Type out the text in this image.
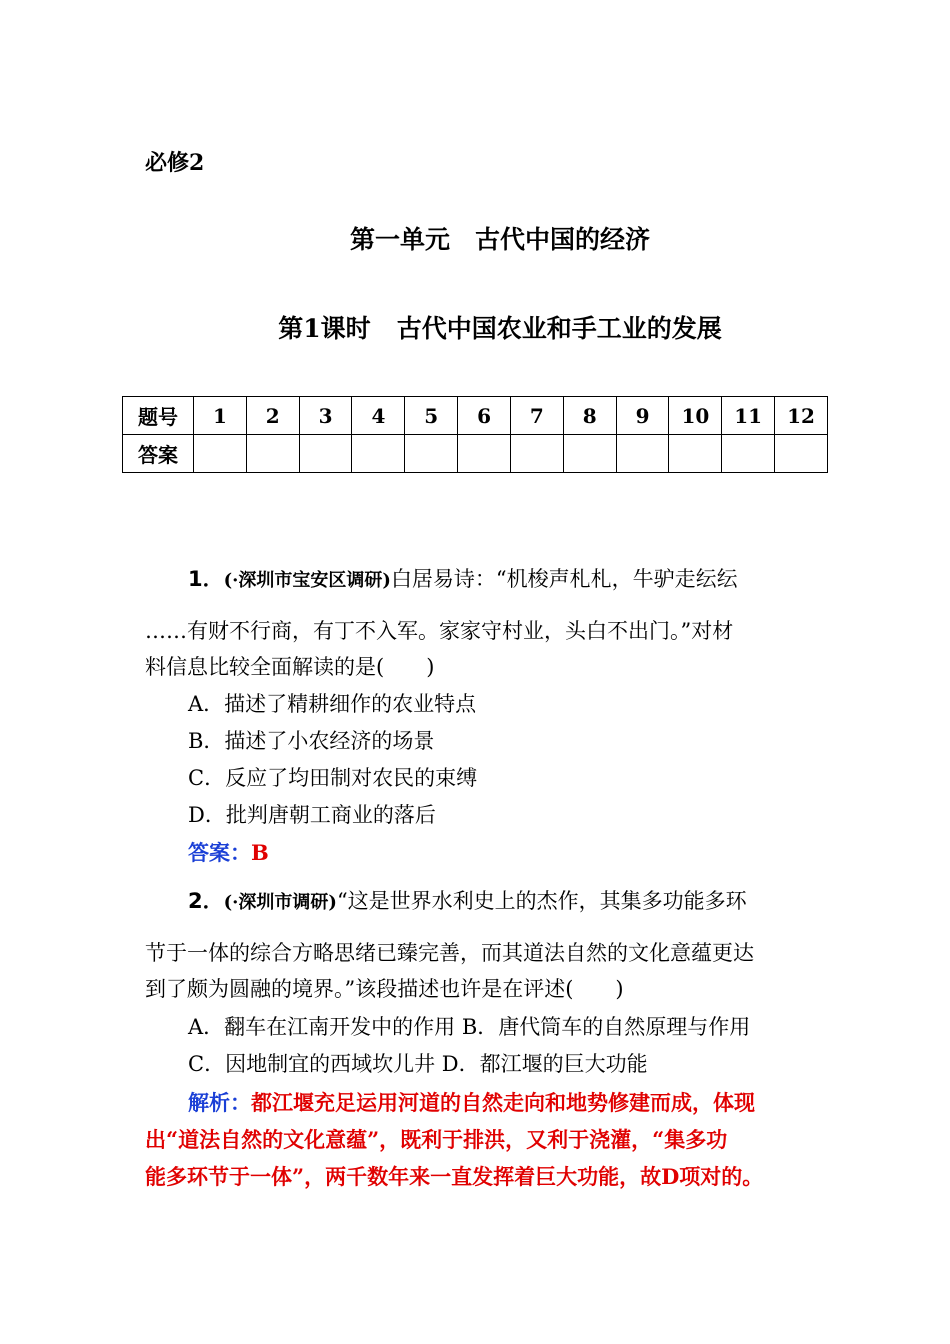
必修2
第一单元　古代中国的经济
第1课时 古代中国农业和手工业的发展
题号	1	2	3	4	5	6	7	8	9	10	11	12
答案												
1．(·深圳市宝安区调研)白居易诗：“机梭声札札，牛驴走纭纭
……有财不行商，有丁不入军。家家守村业，头白不出门。”对材
料信息比较全面解读的是(　　)
A．描述了精耕细作的农业特点
B．描述了小农经济的场景
C．反应了均田制对农民的束缚
D．批判唐朝工商业的落后
答案：B
2．(·深圳市调研)“这是世界水利史上的杰作，其集多功能多环
节于一体的综合方略思绪已臻完善，而其道法自然的文化意蕴更达
到了颇为圆融的境界。”该段描述也许是在评述(　　)
A．翻车在江南开发中的作用 B．唐代筒车的自然原理与作用
C．因地制宜的西域坎儿井 D．都江堰的巨大功能
解析：都江堰充足运用河道的自然走向和地势修建而成，体现
出“道法自然的文化意蕴”，既利于排洪，又利于浇灌，“集多功
能多环节于一体”，两千数年来一直发挥着巨大功能，故D项对的。
